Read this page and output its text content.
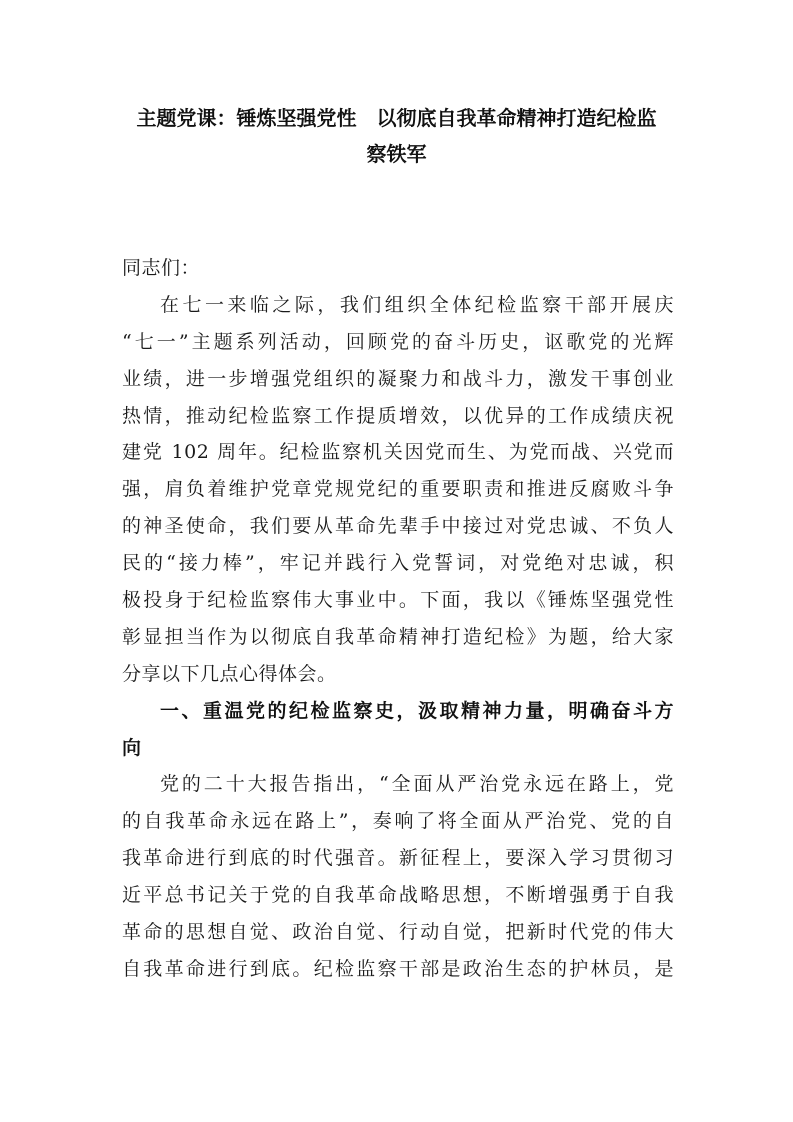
主题党课：锤炼坚强党性　以彻底自我革命精神打造纪检监
察铁军
同志们：
在七一来临之际，我们组织全体纪检监察干部开展庆
“七一”主题系列活动，回顾党的奋斗历史，讴歌党的光辉
业绩，进一步增强党组织的凝聚力和战斗力，激发干事创业
热情，推动纪检监察工作提质增效，以优异的工作成绩庆祝
建党 102 周年。纪检监察机关因党而生、为党而战、兴党而
强，肩负着维护党章党规党纪的重要职责和推进反腐败斗争
的神圣使命，我们要从革命先辈手中接过对党忠诚、不负人
民的“接力棒”，牢记并践行入党誓词，对党绝对忠诚，积
极投身于纪检监察伟大事业中。下面，我以《锤炼坚强党性
彰显担当作为以彻底自我革命精神打造纪检》为题，给大家
分享以下几点心得体会。
一、重温党的纪检监察史，汲取精神力量，明确奋斗方
向
党的二十大报告指出，“全面从严治党永远在路上，党
的自我革命永远在路上”，奏响了将全面从严治党、党的自
我革命进行到底的时代强音。新征程上，要深入学习贯彻习
近平总书记关于党的自我革命战略思想，不断增强勇于自我
革命的思想自觉、政治自觉、行动自觉，把新时代党的伟大
自我革命进行到底。纪检监察干部是政治生态的护林员，是
